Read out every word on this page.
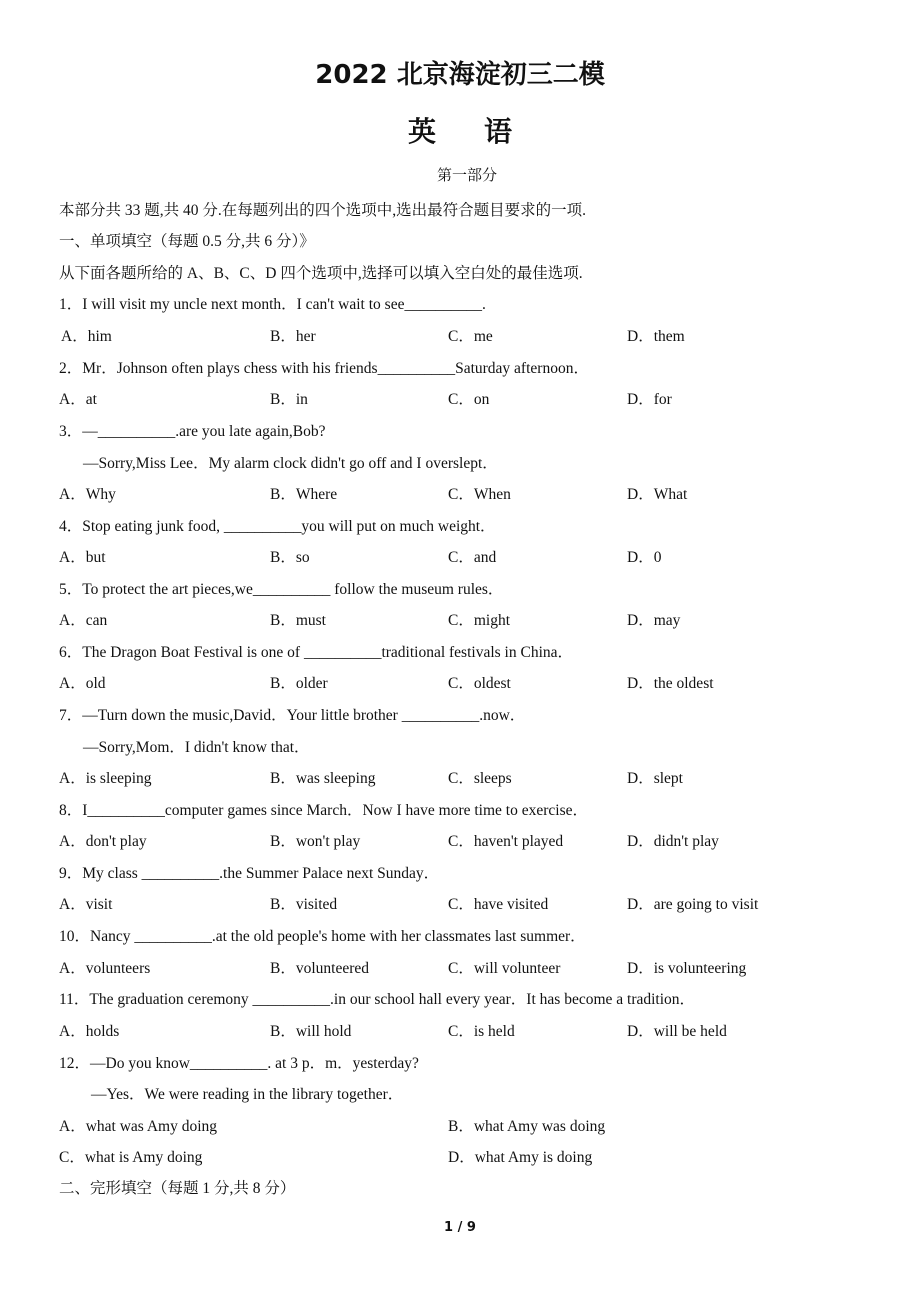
2022 北京海淀初三二模
英语
第一部分
本部分共 33 题,共 40 分.在每题列出的四个选项中,选出最符合题目要求的一项.
一、单项填空（每题 0.5 分,共 6 分）》
从下面各题所给的 A、B、C、D 四个选项中,选择可以填入空白处的最佳选项.
1．I will visit my uncle next month．I can't wait to see__________.
A．him	B．her	C．me	D．them
2．Mr．Johnson often plays chess with his friends__________Saturday afternoon．
A．at	B．in	C．on	D．for
3．—__________.are you late again,Bob?
—Sorry,Miss Lee．My alarm clock didn't go off and I overslept．
A．Why	B．Where	C．When	D．What
4．Stop eating junk food, __________you will put on much weight．
A．but	B．so	C．and	D．0
5．To protect the art pieces,we__________ follow the museum rules．
A．can	B．must	C．might	D．may
6．The Dragon Boat Festival is one of __________traditional festivals in China．
A．old	B．older	C．oldest	D．the oldest
7．—Turn down the music,David．Your little brother __________.now．
—Sorry,Mom．I didn't know that．
A．is sleeping	B．was sleeping	C．sleeps	D．slept
8．I__________computer games since March．Now I have more time to exercise．
A．don't play	B．won't play	C．haven't played	D．didn't play
9．My class __________.the Summer Palace next Sunday．
A．visit	B．visited	C．have visited	D．are going to visit
10．Nancy __________.at the old people's home with her classmates last summer．
A．volunteers	B．volunteered	C．will volunteer	D．is volunteering
11．The graduation ceremony __________.in our school hall every year．It has become a tradition．
A．holds	B．will hold	C．is held	D．will be held
12．—Do you know__________. at 3 p．m．yesterday?
—Yes．We were reading in the library together．
A．what was Amy doing	B．what Amy was doing
C．what is Amy doing	D．what Amy is doing
二、完形填空（每题 1 分,共 8 分）
1 / 9
